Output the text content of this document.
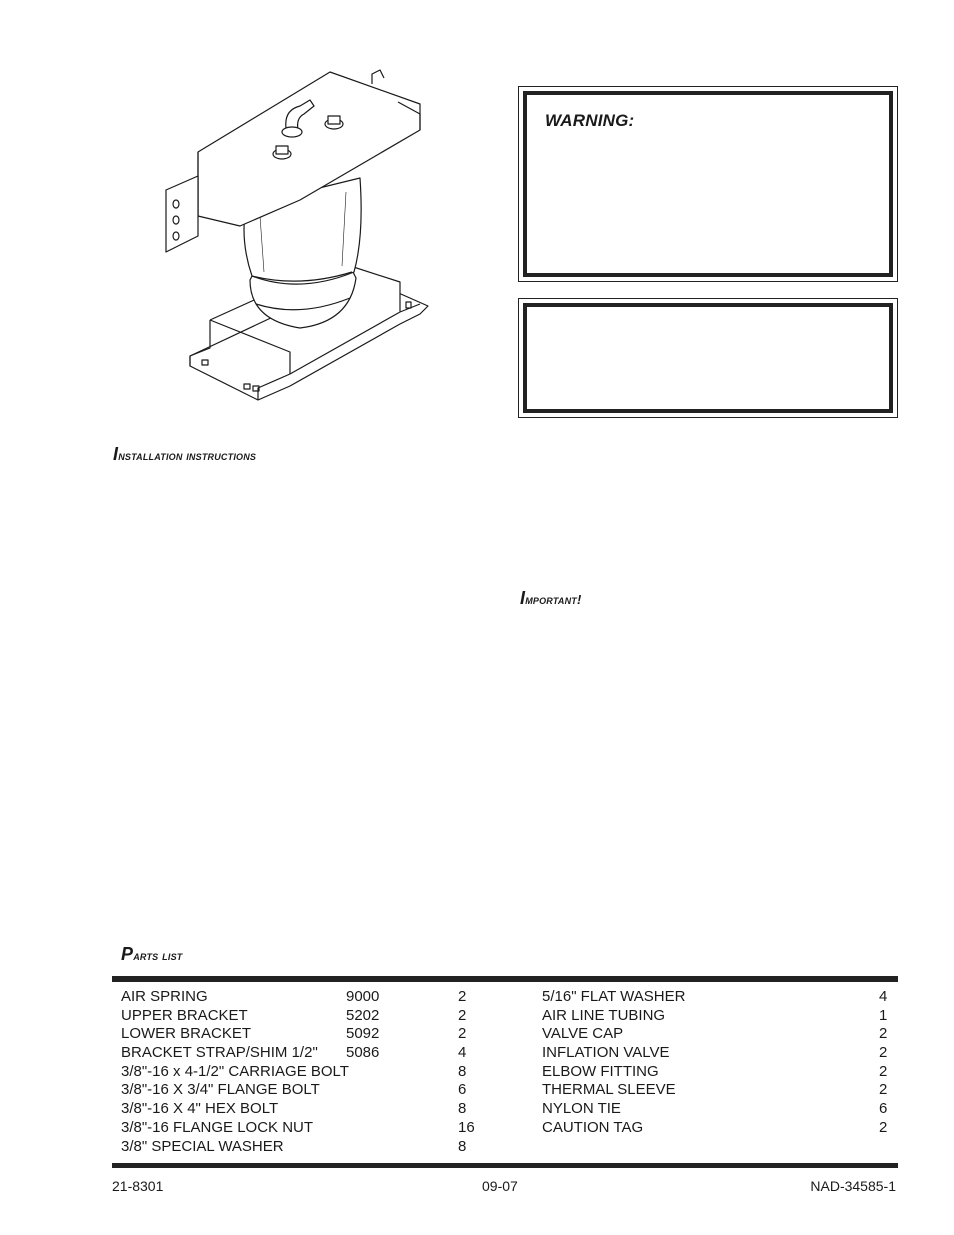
WARNING:
Installation instructions
Important!
Parts list
AIR SPRING	9000	2
UPPER BRACKET	5202	2
LOWER BRACKET	5092	2
BRACKET STRAP/SHIM 1/2" 5086	4
3/8"-16 x 4-1/2" CARRIAGE BOLT	8
3/8"-16 X 3/4" FLANGE BOLT	6
3/8"-16 X 4" HEX BOLT	8
3/8"-16 FLANGE LOCK NUT	16
3/8" SPECIAL WASHER	8
5/16" FLAT WASHER	4
AIR LINE TUBING	1
VALVE CAP	2
INFLATION VALVE	2
ELBOW FITTING	2
THERMAL SLEEVE	2
NYLON TIE	6
CAUTION TAG	2
21-8301	09-07	NAD-34585-1
